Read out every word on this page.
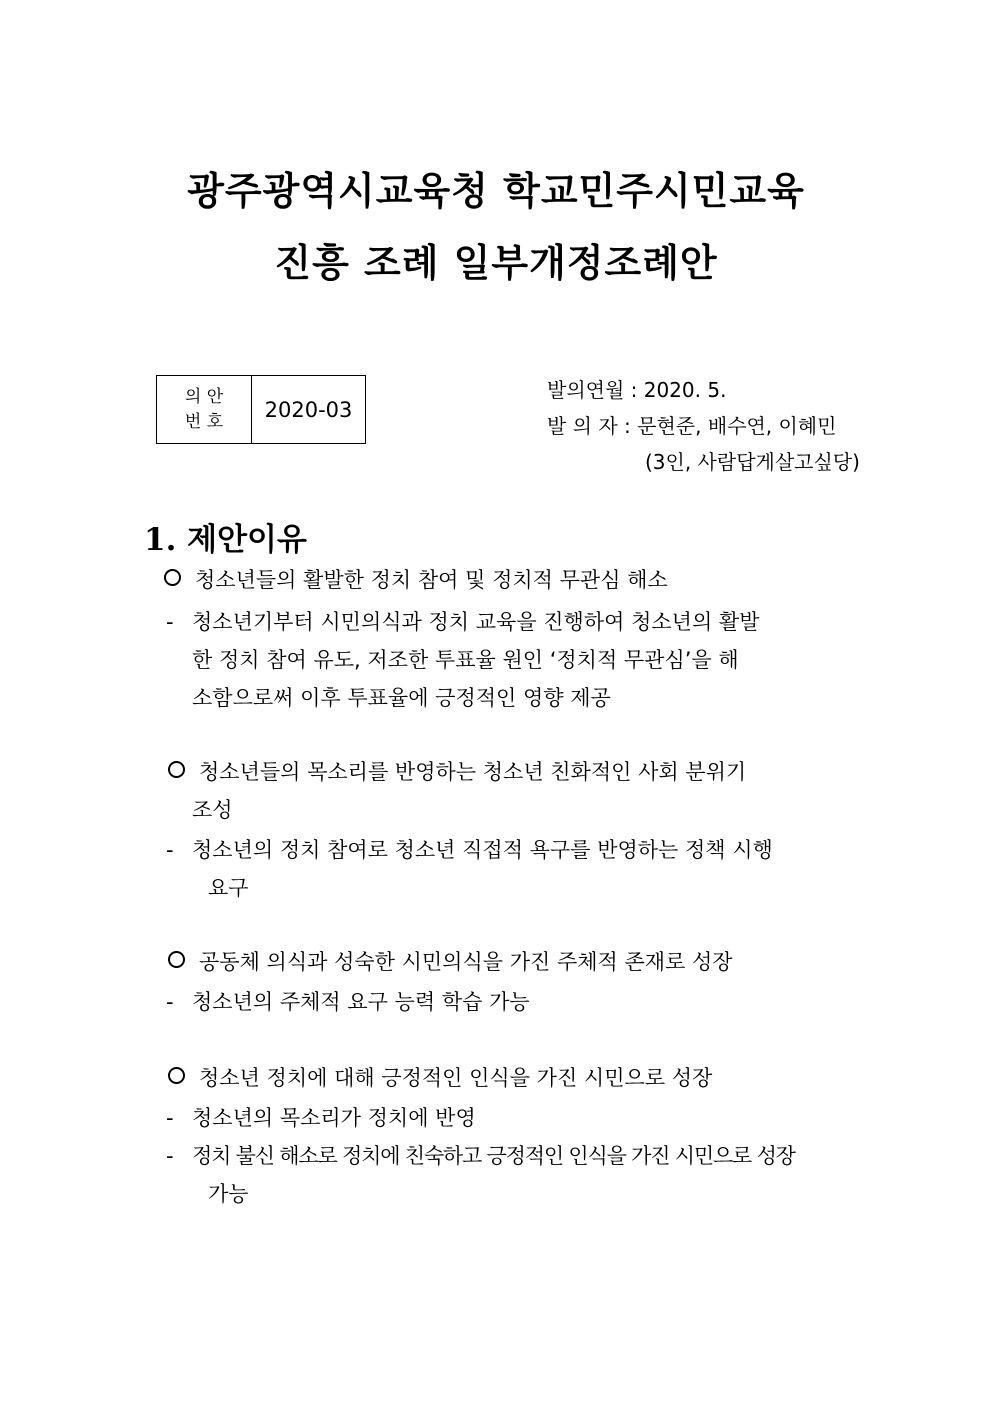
광주광역시교육청 학교민주시민교육
진흥 조례 일부개정조례안
의 안
번 호	2020-03
발의연월 : 2020. 5.
발 의 자 : 문현준, 배수연, 이혜민
(3인, 사람답게살고싶당)
1. 제안이유
청소년들의 활발한 정치 참여 및 정치적 무관심 해소
- 청소년기부터 시민의식과 정치 교육을 진행하여 청소년의 활발
한 정치 참여 유도, 저조한 투표율 원인 ‘정치적 무관심’을 해
소함으로써 이후 투표율에 긍정적인 영향 제공
청소년들의 목소리를 반영하는 청소년 친화적인 사회 분위기
조성
- 청소년의 정치 참여로 청소년 직접적 욕구를 반영하는 정책 시행
요구
공동체 의식과 성숙한 시민의식을 가진 주체적 존재로 성장
- 청소년의 주체적 요구 능력 학습 가능
청소년 정치에 대해 긍정적인 인식을 가진 시민으로 성장
- 청소년의 목소리가 정치에 반영
- 정치 불신 해소로 정치에 친숙하고 긍정적인 인식을 가진 시민으로 성장
가능
